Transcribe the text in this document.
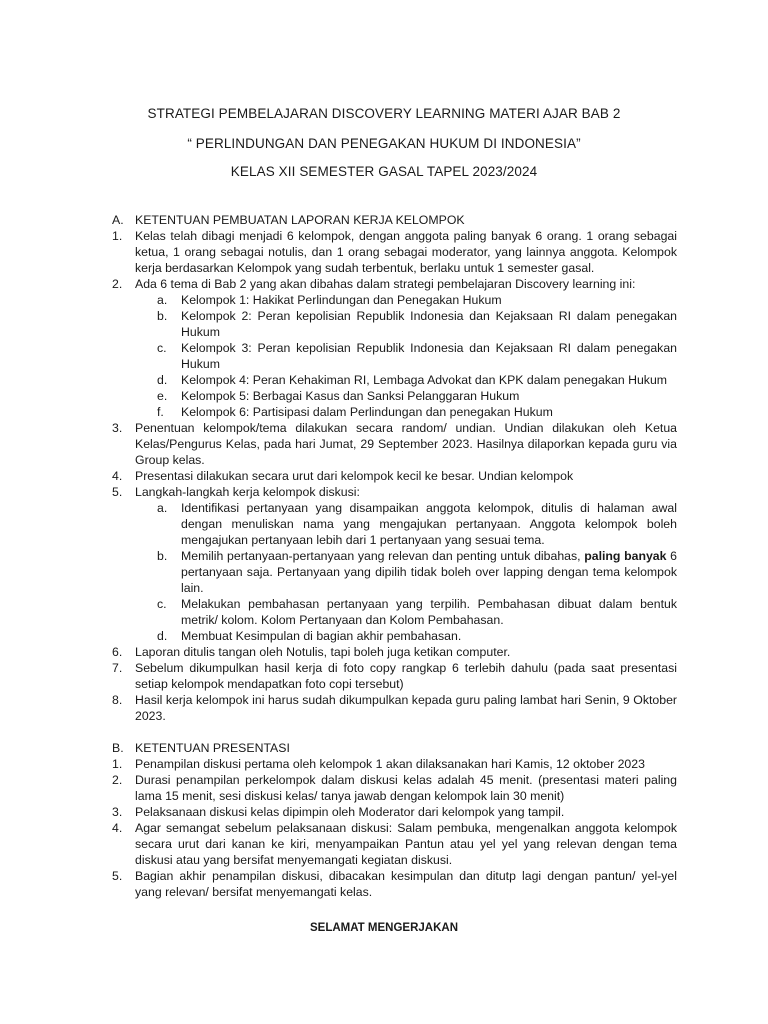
STRATEGI PEMBELAJARAN DISCOVERY LEARNING MATERI AJAR BAB 2
“ PERLINDUNGAN DAN PENEGAKAN HUKUM DI INDONESIA”
KELAS XII SEMESTER GASAL TAPEL 2023/2024
A. KETENTUAN PEMBUATAN LAPORAN KERJA KELOMPOK
1. Kelas telah dibagi menjadi 6 kelompok, dengan anggota paling banyak 6 orang. 1 orang sebagai ketua, 1 orang sebagai notulis, dan 1 orang sebagai moderator, yang lainnya anggota. Kelompok kerja berdasarkan Kelompok yang sudah terbentuk, berlaku untuk 1 semester gasal.
2. Ada 6 tema di Bab 2 yang akan dibahas dalam strategi pembelajaran Discovery learning ini:
a. Kelompok 1: Hakikat Perlindungan dan Penegakan Hukum
b. Kelompok 2: Peran kepolisian Republik Indonesia dan Kejaksaan RI dalam penegakan Hukum
c. Kelompok 3: Peran kepolisian Republik Indonesia dan Kejaksaan RI dalam penegakan Hukum
d. Kelompok 4: Peran Kehakiman RI, Lembaga Advokat dan KPK dalam penegakan Hukum
e. Kelompok 5: Berbagai Kasus dan Sanksi Pelanggaran Hukum
f. Kelompok 6: Partisipasi dalam Perlindungan dan penegakan Hukum
3. Penentuan kelompok/tema dilakukan secara random/ undian. Undian dilakukan oleh Ketua Kelas/Pengurus Kelas, pada hari Jumat, 29 September 2023. Hasilnya dilaporkan kepada guru via Group kelas.
4. Presentasi dilakukan secara urut dari kelompok kecil ke besar. Undian kelompok
5. Langkah-langkah kerja kelompok diskusi:
a. Identifikasi pertanyaan yang disampaikan anggota kelompok, ditulis di halaman awal dengan menuliskan nama yang mengajukan pertanyaan. Anggota kelompok boleh mengajukan pertanyaan lebih dari 1 pertanyaan yang sesuai tema.
b. Memilih pertanyaan-pertanyaan yang relevan dan penting untuk dibahas, paling banyak 6 pertanyaan saja. Pertanyaan yang dipilih tidak boleh over lapping dengan tema kelompok lain.
c. Melakukan pembahasan pertanyaan yang terpilih. Pembahasan dibuat dalam bentuk metrik/ kolom. Kolom Pertanyaan dan Kolom Pembahasan.
d. Membuat Kesimpulan di bagian akhir pembahasan.
6. Laporan ditulis tangan oleh Notulis, tapi boleh juga ketikan computer.
7. Sebelum dikumpulkan hasil kerja di foto copy rangkap 6 terlebih dahulu (pada saat presentasi setiap kelompok mendapatkan foto copi tersebut)
8. Hasil kerja kelompok ini harus sudah dikumpulkan kepada guru paling lambat hari Senin, 9 Oktober 2023.
B. KETENTUAN PRESENTASI
1. Penampilan diskusi pertama oleh kelompok 1 akan dilaksanakan hari Kamis, 12 oktober 2023
2. Durasi penampilan perkelompok dalam diskusi kelas adalah 45 menit. (presentasi materi paling lama 15 menit, sesi diskusi kelas/ tanya jawab dengan kelompok lain 30 menit)
3. Pelaksanaan diskusi kelas dipimpin oleh Moderator dari kelompok yang tampil.
4. Agar semangat sebelum pelaksanaan diskusi: Salam pembuka, mengenalkan anggota kelompok secara urut dari kanan ke kiri, menyampaikan Pantun atau yel yel yang relevan dengan tema diskusi atau yang bersifat menyemangati kegiatan diskusi.
5. Bagian akhir penampilan diskusi, dibacakan kesimpulan dan ditutp lagi dengan pantun/ yel-yel yang relevan/ bersifat menyemangati kelas.
SELAMAT MENGERJAKAN
